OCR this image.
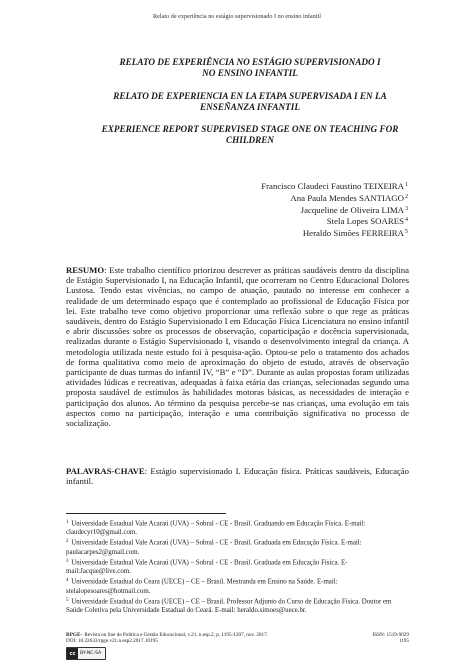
Relato de experiência no estágio supervisionado I no ensino infantil
RELATO DE EXPERIÊNCIA NO ESTÁGIO SUPERVISIONADO I
NO ENSINO INFANTIL
RELATO DE EXPERIENCIA EN LA ETAPA SUPERVISADA I EN LA
ENSEÑANZA INFANTIL
EXPERIENCE REPORT SUPERVISED STAGE ONE ON TEACHING FOR
CHILDREN
Francisco Claudeci Faustino TEIXEIRA$^1$
Ana Paula Mendes SANTIAGO$^2$
Jacqueline de Oliveira LIMA$^3$
Stela Lopes SOARES$^4$
Heraldo Simões FERREIRA$^5$

RESUMO: Este trabalho científico priorizou descrever as práticas saudáveis dentro da disciplina de Estágio Supervisionado I, na Educação Infantil, que ocorreram no Centro Educacional Dolores Lustosa. Tendo estas vivências, no campo de atuação, pautado no interesse em conhecer a realidade de um determinado espaço que é contemplado ao profissional de Educação Física por lei. Este trabalho teve como objetivo proporcionar uma reflexão sobre o que rege as práticas saudáveis, dentro do Estágio Supervisionado I em Educação Física Licenciatura no ensino infantil e abrir discussões sobre os processos de observação, coparticipação e docência supervisionada, realizadas durante o Estágio Supervisionado I, visando o desenvolvimento integral da criança. A metodologia utilizada neste estudo foi à pesquisa-ação. Optou-se pelo o tratamento dos achados de forma qualitativa como meio de aproximação do objeto de estudo, através de observação participante de duas turmas do infantil IV, “B” e “D”. Durante as aulas propostas foram utilizadas atividades lúdicas e recreativas, adequadas à faixa etária das crianças, selecionadas segundo uma proposta saudável de estímulos às habilidades motoras básicas, as necessidades de interação e participação dos alunos. Ao término da pesquisa percebe-se nas crianças, uma evolução em tais aspectos como na participação, interação e uma contribuição significativa no processo de socialização.

PALAVRAS-CHAVE: Estágio supervisionado I. Educação física. Práticas saudáveis, Educação infantil.

$^1$ Universidade Estadual Vale Acaraú (UVA) – Sobral - CE - Brasil. Graduando em Educação Física. E-mail: claudecyr10@gmail.com.
$^2$ Universidade Estadual Vale Acaraú (UVA) – Sobral - CE - Brasil. Graduada em Educação Física. E-mail: paulacarpes2@gmail.com.
$^3$ Universidade Estadual Vale Acaraú (UVA) – Sobral - CE - Brasil. Graduada em Educação Física. E-mail:Jacque@live.com.
$^4$ Universidade Estadual do Ceara (UECE) – CE – Brasil. Mestranda em Ensino na Saúde. E-mail: stelalopesoares@hotmail.com.
$^5$ Universidade Estadual do Ceara (UECE) – CE – Brasil. Professor Adjunto do Curso de Educação Física. Doutor em Saúde Coletiva pela Universidade Estadual do Ceará. E-mail: heraldo.simoes@uece.br.
RPGE– Revista on line de Política e Gestão Educacional, v.21, n.esp.2, p. 1195-1207, nov. 2017.
DOI: 10.22633/rpge.v21.n.esp2.2017.10195
ISSN: 1519-9029
1195
cc BY-NC-SA
